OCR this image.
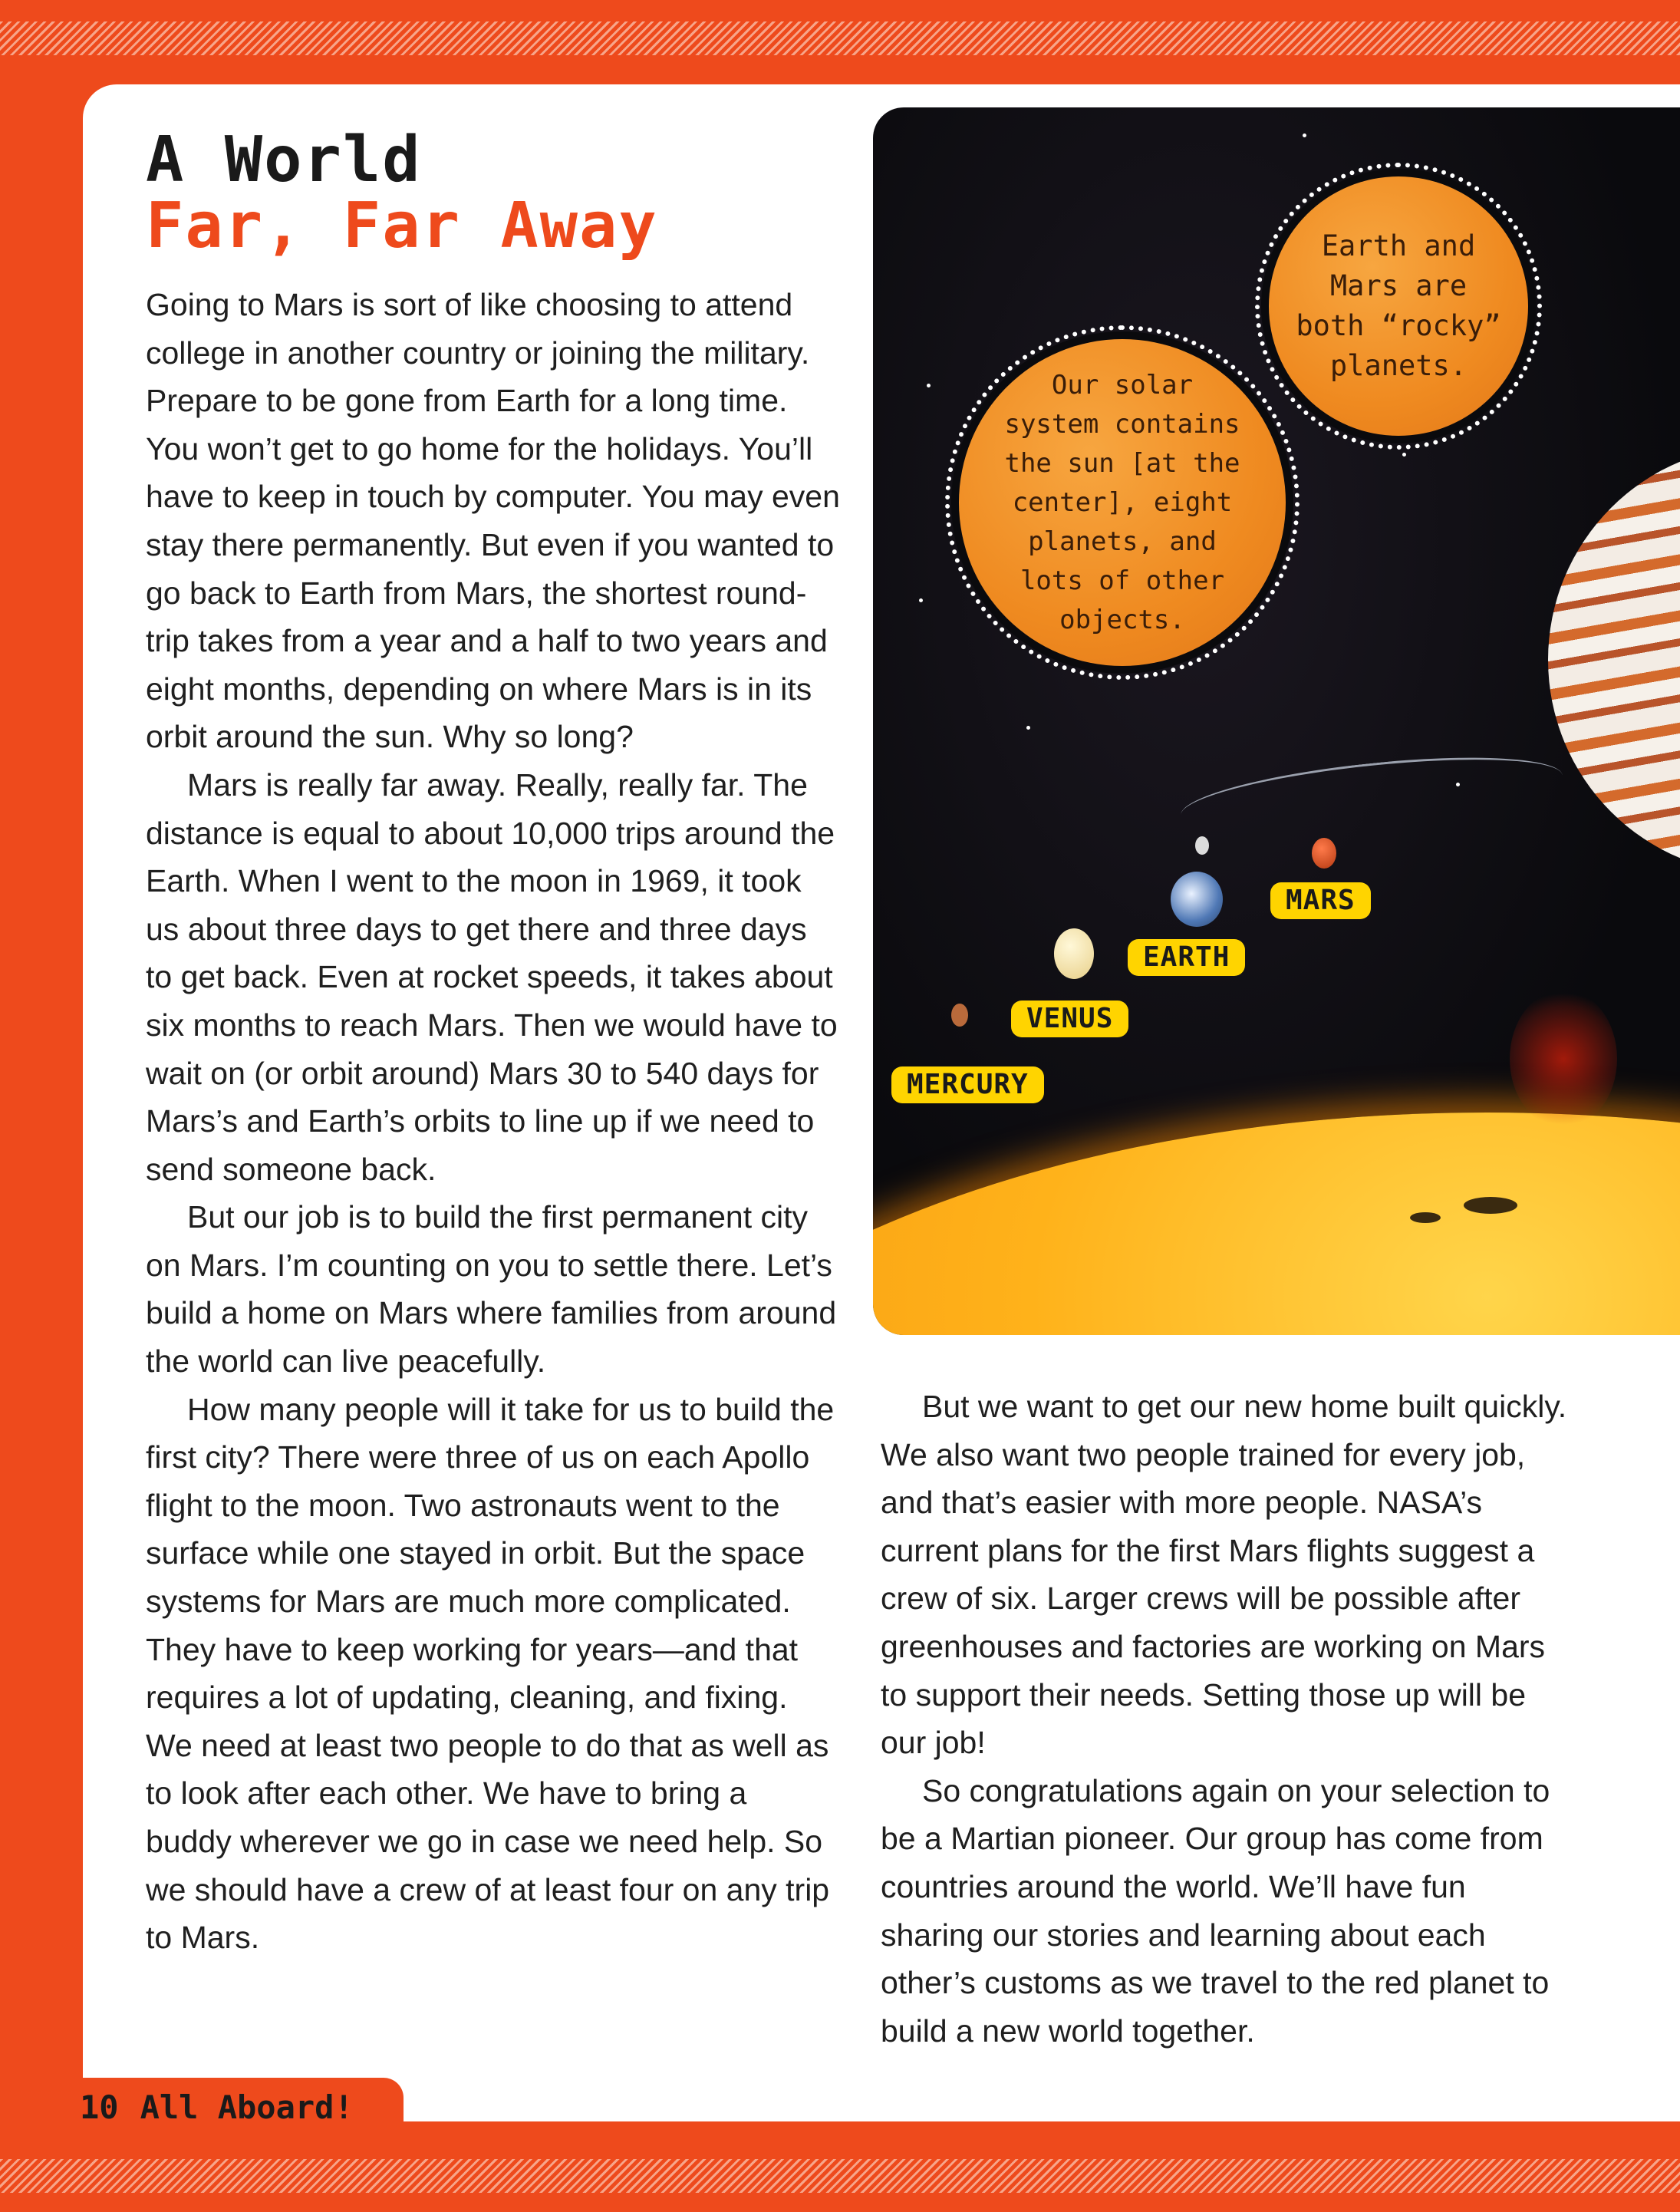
A World
Far, Far Away

Going to Mars is sort of like choosing to attend college in another country or joining the military. Prepare to be gone from Earth for a long time. You won’t get to go home for the holidays. You’ll have to keep in touch by computer. You may even stay there permanently. But even if you wanted to go back to Earth from Mars, the shortest round-trip takes from a year and a half to two years and eight months, depending on where Mars is in its orbit around the sun. Why so long?

Mars is really far away. Really, really far. The distance is equal to about 10,000 trips around the Earth. When I went to the moon in 1969, it took us about three days to get there and three days to get back. Even at rocket speeds, it takes about six months to reach Mars. Then we would have to wait on (or orbit around) Mars 30 to 540 days for Mars’s and Earth’s orbits to line up if we need to send someone back.

But our job is to build the first permanent city on Mars. I’m counting on you to settle there. Let’s build a home on Mars where families from around the world can live peacefully.

How many people will it take for us to build the first city? There were three of us on each Apollo flight to the moon. Two astronauts went to the surface while one stayed in orbit. But the space systems for Mars are much more complicated. They have to keep working for years—and that requires a lot of updating, cleaning, and fixing. We need at least two people to do that as well as to look after each other. We have to bring a buddy wherever we go in case we need help. So we should have a crew of at least four on any trip to Mars.

MERCURY
VENUS
EARTH
MARS
Our solar
system contains
the sun [at the
center], eight
planets, and
lots of other
objects.
Earth and
Mars are
both “rocky”
planets.

But we want to get our new home built quickly. We also want two people trained for every job, and that’s easier with more people. NASA’s current plans for the first Mars flights suggest a crew of six. Larger crews will be possible after greenhouses and factories are working on Mars to support their needs. Setting those up will be our job!

So congratulations again on your selection to be a Martian pioneer. Our group has come from countries around the world. We’ll have fun sharing our stories and learning about each other’s customs as we travel to the red planet to build a new world together.

10 All Aboard!
